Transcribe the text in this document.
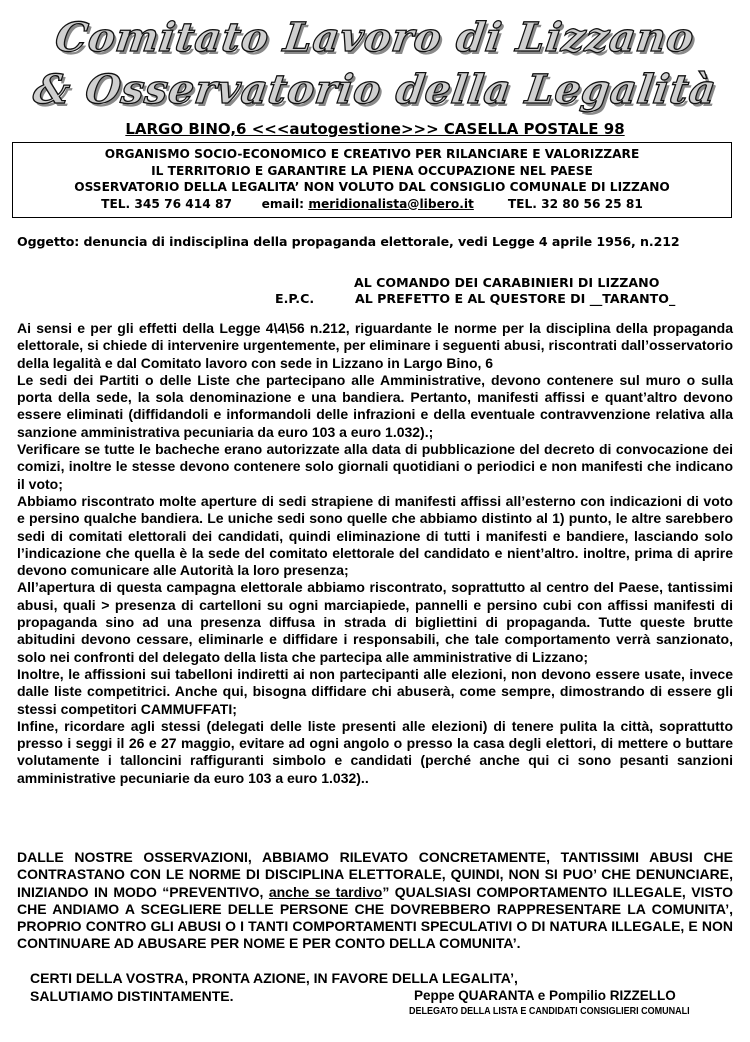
Comitato Lavoro di Lizzano
& Osservatorio della Legalità
LARGO BINO,6 <<<autogestione>>> CASELLA POSTALE 98
ORGANISMO SOCIO-ECONOMICO E CREATIVO PER RILANCIARE E VALORIZZARE
IL TERRITORIO E GARANTIRE LA PIENA OCCUPAZIONE NEL PAESE
OSSERVATORIO DELLA LEGALITA’ NON VOLUTO DAL CONSIGLIO COMUNALE DI LIZZANO
TEL. 345 76 414 87 email: meridionalista@libero.it	TEL. 32 80 56 25 81
Oggetto: denuncia di indisciplina della propaganda elettorale, vedi Legge 4 aprile 1956, n.212
AL COMANDO DEI CARABINIERI DI LIZZANO
E.P.C.	AL PREFETTO E AL QUESTORE DI __TARANTO_

Ai sensi e per gli effetti della Legge 4\4\56 n.212, riguardante le norme per la disciplina della propaganda elettorale, si chiede di intervenire urgentemente, per eliminare i seguenti abusi, riscontrati dall’osservatorio della legalità e dal Comitato lavoro con sede in Lizzano in Largo Bino, 6

Le sedi dei Partiti o delle Liste che partecipano alle Amministrative, devono contenere sul muro o sulla porta della sede, la sola denominazione e una bandiera. Pertanto, manifesti affissi e quant’altro devono essere eliminati (diffidandoli e informandoli delle infrazioni e della eventuale contravvenzione relativa alla sanzione amministrativa pecuniaria da euro 103 a euro 1.032).;

Verificare se tutte le bacheche erano autorizzate alla data di pubblicazione del decreto di convocazione dei comizi, inoltre le stesse devono contenere solo giornali quotidiani o periodici e non manifesti che indicano il voto;

Abbiamo riscontrato molte aperture di sedi strapiene di manifesti affissi all’esterno con indicazioni di voto e persino qualche bandiera. Le uniche sedi sono quelle che abbiamo distinto al 1) punto, le altre sarebbero sedi di comitati elettorali dei candidati, quindi eliminazione di tutti i manifesti e bandiere, lasciando solo l’indicazione che quella è la sede del comitato elettorale del candidato e nient’altro. inoltre, prima di aprire devono comunicare alle Autorità la loro presenza;

All’apertura di questa campagna elettorale abbiamo riscontrato, soprattutto al centro del Paese, tantissimi abusi, quali > presenza di cartelloni su ogni marciapiede, pannelli e persino cubi con affissi manifesti di propaganda sino ad una presenza diffusa in strada di bigliettini di propaganda. Tutte queste brutte abitudini devono cessare, eliminarle e diffidare i responsabili, che tale comportamento verrà sanzionato, solo nei confronti del delegato della lista che partecipa alle amministrative di Lizzano;

Inoltre, le affissioni sui tabelloni indiretti ai non partecipanti alle elezioni, non devono essere usate, invece dalle liste competitrici. Anche qui, bisogna diffidare chi abuserà, come sempre, dimostrando di essere gli stessi competitori CAMMUFFATI;

Infine, ricordare agli stessi (delegati delle liste presenti alle elezioni) di tenere pulita la città, soprattutto presso i seggi il 26 e 27 maggio, evitare ad ogni angolo o presso la casa degli elettori, di mettere o buttare volutamente i talloncini raffiguranti simbolo e candidati (perché anche qui ci sono pesanti sanzioni amministrative pecuniarie da euro 103 a euro 1.032)..

DALLE NOSTRE OSSERVAZIONI, ABBIAMO RILEVATO CONCRETAMENTE, TANTISSIMI ABUSI CHE CONTRASTANO CON LE NORME DI DISCIPLINA ELETTORALE, QUINDI, NON SI PUO’ CHE DENUNCIARE, INIZIANDO IN MODO “PREVENTIVO, anche se tardivo” QUALSIASI COMPORTAMENTO ILLEGALE, VISTO CHE ANDIAMO A SCEGLIERE DELLE PERSONE CHE DOVREBBERO RAPPRESENTARE LA COMUNITA’, PROPRIO CONTRO GLI ABUSI O I TANTI COMPORTAMENTI SPECULATIVI O DI NATURA ILLEGALE, E NON CONTINUARE AD ABUSARE PER NOME E PER CONTO DELLA COMUNITA’.
CERTI DELLA VOSTRA, PRONTA AZIONE, IN FAVORE DELLA LEGALITA’,
SALUTIAMO DISTINTAMENTE.	Peppe QUARANTA e Pompilio RIZZELLO
DELEGATO DELLA LISTA E CANDIDATI CONSIGLIERI COMUNALI
